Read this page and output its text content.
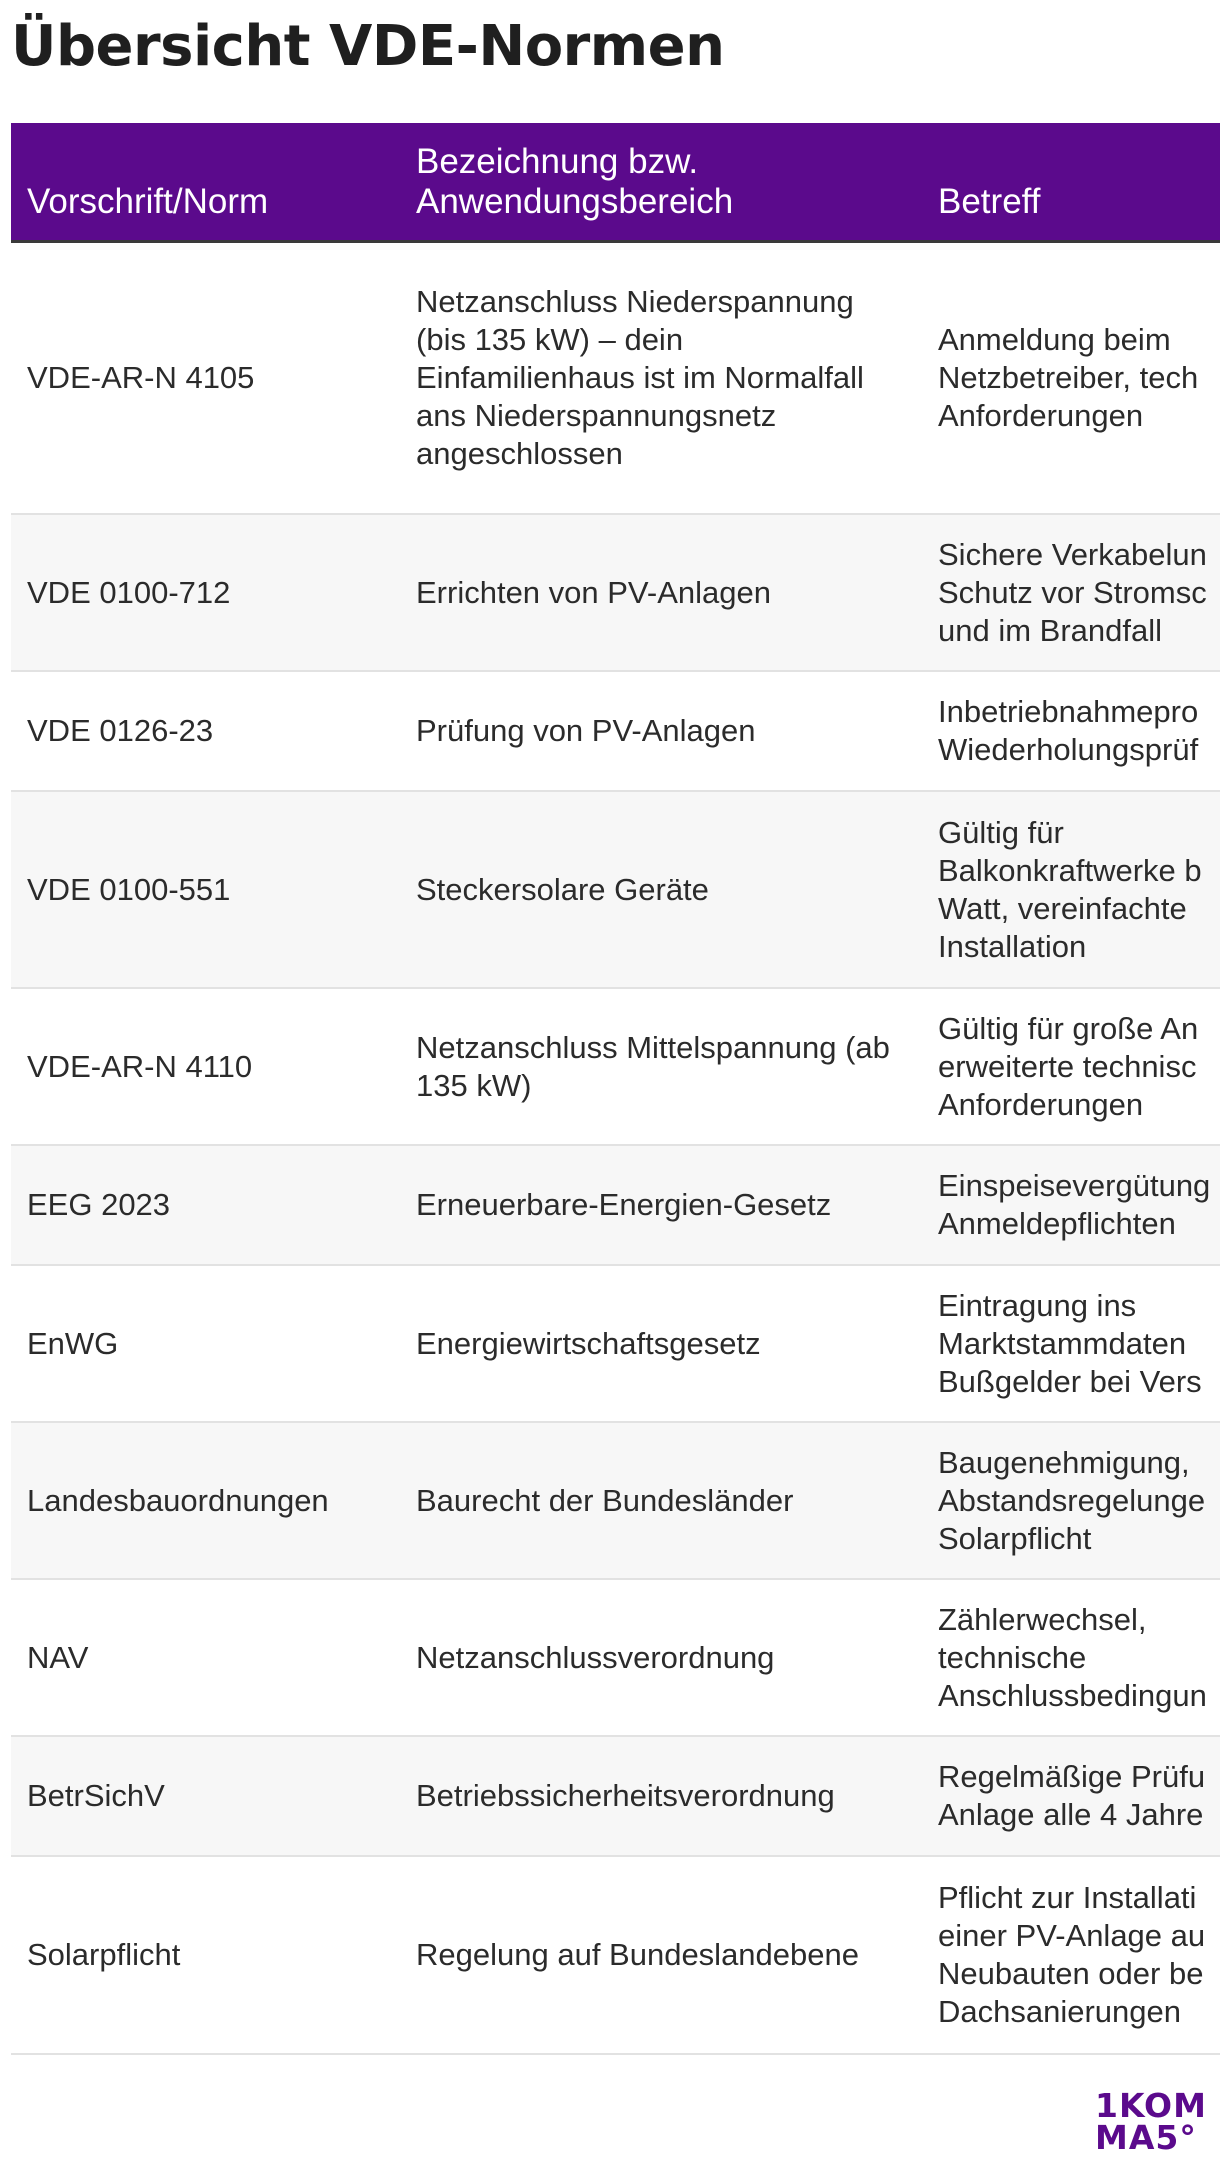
Übersicht VDE-Normen
Vorschrift/Norm	Bezeichnung bzw.
Anwendungsbereich	Betreff
VDE-AR-N 4105	Netzanschluss Niederspannung (bis 135 kW) – dein Einfamilienhaus ist im Normalfall ans Niederspannungsnetz angeschlossen	Anmeldung beim
Netzbetreiber, tech
Anforderungen
VDE 0100-712	Errichten von PV-Anlagen	Sichere Verkabelun
Schutz vor Stromsc
und im Brandfall
VDE 0126-23	Prüfung von PV-Anlagen	Inbetriebnahmepro
Wiederholungsprüf
VDE 0100-551	Steckersolare Geräte	Gültig für
Balkonkraftwerke b
Watt, vereinfachte
Installation
VDE-AR-N 4110	Netzanschluss Mittelspannung (ab 135 kW)	Gültig für große An
erweiterte technisc
Anforderungen
EEG 2023	Erneuerbare-Energien-Gesetz	Einspeisevergütung
Anmeldepflichten
EnWG	Energiewirtschaftsgesetz	Eintragung ins
Marktstammdaten
Bußgelder bei Vers
Landesbauordnungen	Baurecht der Bundesländer	Baugenehmigung,
Abstandsregelunge
Solarpflicht
NAV	Netzanschlussverordnung	Zählerwechsel,
technische
Anschlussbedingun
BetrSichV	Betriebssicherheitsverordnung	Regelmäßige Prüfu
Anlage alle 4 Jahre
Solarpflicht	Regelung auf Bundeslandebene	Pflicht zur Installati
einer PV-Anlage au
Neubauten oder be
Dachsanierungen
1KOM
MA5°
